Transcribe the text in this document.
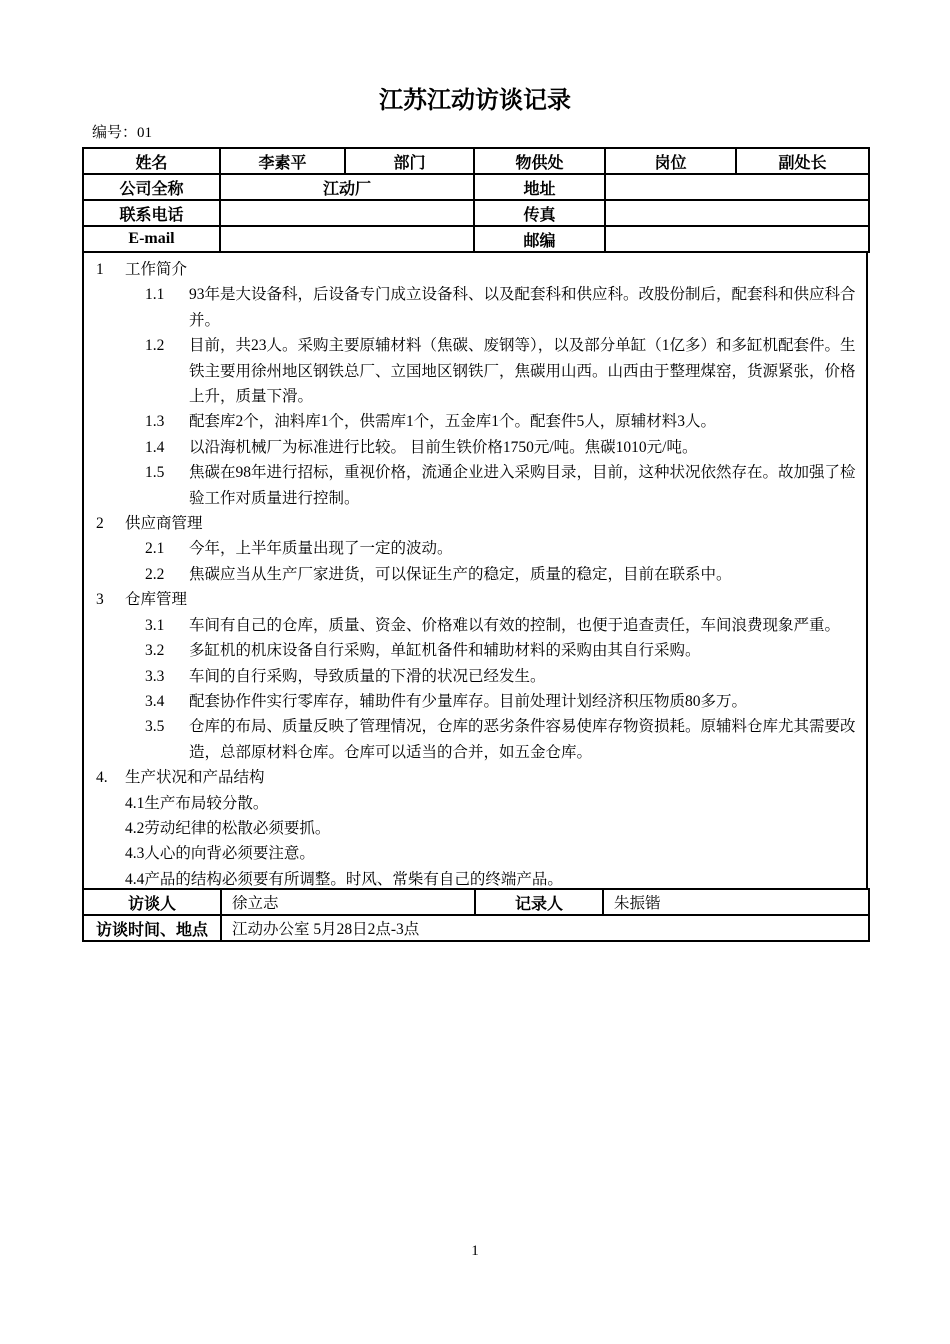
江苏江动访谈记录
编号：01
姓名	李素平	部门	物供处	岗位	副处长
公司全称	江动厂		地址		
联系电话			传真		
E-mail			邮编		
1 工作简介
1.1 93年是大设备科，后设备专门成立设备科、以及配套科和供应科。改股份制后，配套科和供应科合并。
1.2 目前，共23人。采购主要原辅材料（焦碳、废钢等），以及部分单缸（1亿多）和多缸机配套件。生铁主要用徐州地区钢铁总厂、立国地区钢铁厂，焦碳用山西。山西由于整理煤窑，货源紧张，价格上升，质量下滑。
1.3 配套库2个，油料库1个，供需库1个，五金库1个。配套件5人，原辅材料3人。
1.4 以沿海机械厂为标准进行比较。 目前生铁价格1750元/吨。焦碳1010元/吨。
1.5 焦碳在98年进行招标，重视价格，流通企业进入采购目录，目前，这种状况依然存在。故加强了检验工作对质量进行控制。
2 供应商管理
2.1 今年，上半年质量出现了一定的波动。
2.2 焦碳应当从生产厂家进货，可以保证生产的稳定，质量的稳定，目前在联系中。
3 仓库管理
3.1 车间有自己的仓库，质量、资金、价格难以有效的控制，也便于追查责任，车间浪费现象严重。
3.2 多缸机的机床设备自行采购，单缸机备件和辅助材料的采购由其自行采购。
3.3 车间的自行采购，导致质量的下滑的状况已经发生。
3.4 配套协作件实行零库存，辅助件有少量库存。目前处理计划经济积压物质80多万。
3.5 仓库的布局、质量反映了管理情况，仓库的恶劣条件容易使库存物资损耗。原辅料仓库尤其需要改造，总部原材料仓库。仓库可以适当的合并，如五金仓库。
4. 生产状况和产品结构
4.1生产布局较分散。
4.2劳动纪律的松散必须要抓。
4.3人心的向背必须要注意。
4.4产品的结构必须要有所调整。时风、常柴有自己的终端产品。
访谈人	徐立志	记录人	朱振锴
访谈时间、地点	江动办公室 5月28日2点-3点		
1
